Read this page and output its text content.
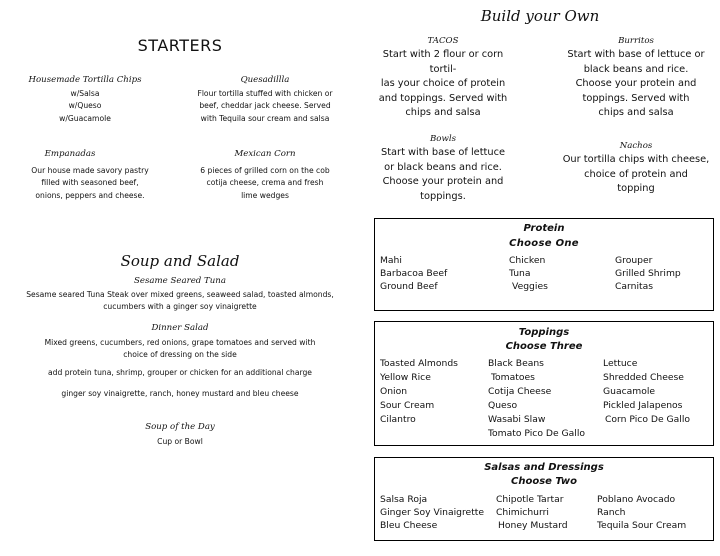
STARTERS
Housemade Tortilla Chips
w/Salsa
w/Queso
w/Guacamole
Quesadillla
Flour tortilla stuffed with chicken or
beef, cheddar jack cheese. Served
with Tequila sour cream and salsa
Empanadas
Our house made savory pastry
filled with seasoned beef,
onions, peppers and cheese.
Mexican Corn
6 pieces of grilled corn on the cob
cotija cheese, crema and fresh
lime wedges
Soup and Salad
Sesame Seared Tuna
Sesame seared Tuna Steak over mixed greens, seaweed salad, toasted almonds,
cucumbers with a ginger soy vinaigrette
Dinner Salad
Mixed greens, cucumbers, red onions, grape tomatoes and served with
choice of dressing on the side
add protein tuna, shrimp, grouper or chicken for an additional charge
ginger soy vinaigrette, ranch, honey mustard and bleu cheese
Soup of the Day
Cup or Bowl
Build your Own
TACOS
Start with 2 flour or corn tortil-
las your choice of protein
and toppings. Served with
chips and salsa
Burritos
Start with base of lettuce or
black beans and rice.
Choose your protein and
toppings. Served with
chips and salsa
Bowls
Start with base of lettuce
or black beans and rice.
Choose your protein and
toppings.
Nachos
Our tortilla chips with cheese,
choice of protein and
topping
Protein
Choose One
Mahi
Barbacoa Beef
Ground Beef
Chicken
Tuna
Veggies
Grouper
Grilled Shrimp
Carnitas
Toppings
Choose Three
Toasted Almonds
Yellow Rice
Onion
Sour Cream
Cilantro
Black Beans
Tomatoes
Cotija Cheese
Queso
Wasabi Slaw
Tomato Pico De Gallo
Lettuce
Shredded Cheese
Guacamole
Pickled Jalapenos
Corn Pico De Gallo
Salsas and Dressings
Choose Two
Salsa Roja
Ginger Soy Vinaigrette
Bleu Cheese
Chipotle Tartar
Chimichurri
Honey Mustard
Poblano Avocado
Ranch
Tequila Sour Cream
